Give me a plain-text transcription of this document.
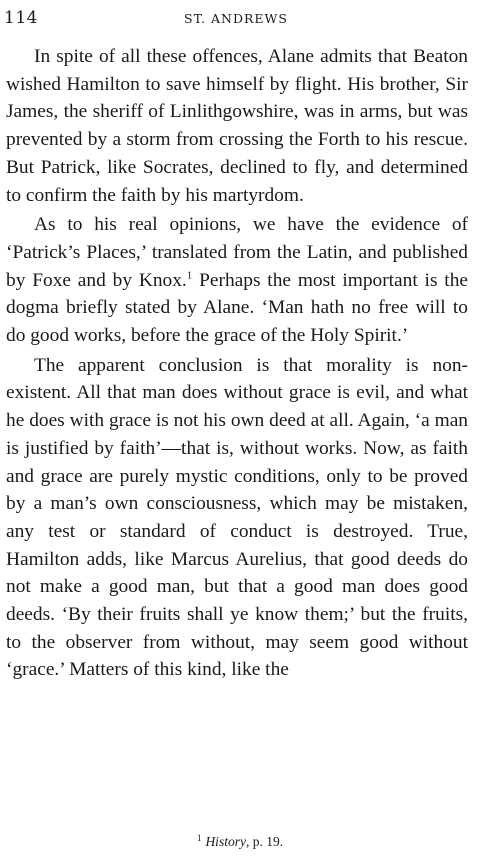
114	ST. ANDREWS

In spite of all these offences, Alane admits that Beaton wished Hamilton to save himself by flight. His brother, Sir James, the sheriff of Linlithgowshire, was in arms, but was prevented by a storm from crossing the Forth to his rescue. But Patrick, like Socrates, declined to fly, and determined to confirm the faith by his martyrdom.

As to his real opinions, we have the evidence of ‘Patrick’s Places,’ translated from the Latin, and published by Foxe and by Knox.$^1$ Perhaps the most important is the dogma briefly stated by Alane. ‘Man hath no free will to do good works, before the grace of the Holy Spirit.’

The apparent conclusion is that morality is non-existent. All that man does without grace is evil, and what he does with grace is not his own deed at all. Again, ‘a man is justified by faith’—that is, without works. Now, as faith and grace are purely mystic conditions, only to be proved by a man’s own consciousness, which may be mistaken, any test or standard of conduct is destroyed. True, Hamilton adds, like Marcus Aurelius, that good deeds do not make a good man, but that a good man does good deeds. ‘By their fruits shall ye know them;’ but the fruits, to the observer from without, may seem good without ‘grace.’ Matters of this kind, like the

$^1$ History, p. 19.
